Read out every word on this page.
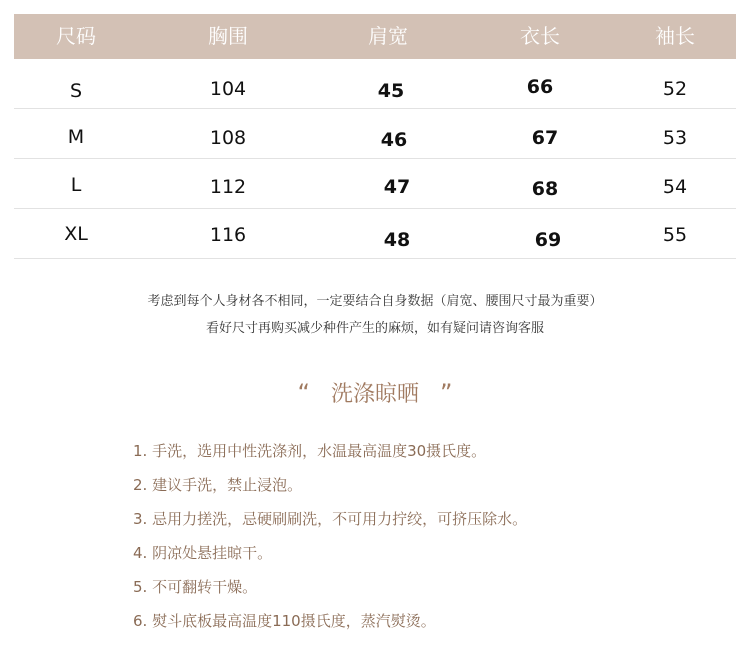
尺码	胸围	肩宽	衣长	袖长
S	104	45	66	52
M	108	46	67	53
L	112	47	68	54
XL	116	48	69	55
考虑到每个人身材各不相同，一定要结合自身数据（肩宽、腰围尺寸最为重要）
看好尺寸再购买减少种件产生的麻烦，如有疑问请咨询客服
“ 洗涤晾晒 ”
1. 手洗，选用中性洗涤剂，水温最高温度30摄氏度。
2. 建议手洗，禁止浸泡。
3. 忌用力搓洗，忌硬刷刷洗，不可用力拧绞，可挤压除水。
4. 阴凉处悬挂晾干。
5. 不可翻转干燥。
6. 熨斗底板最高温度110摄氏度，蒸汽熨烫。
